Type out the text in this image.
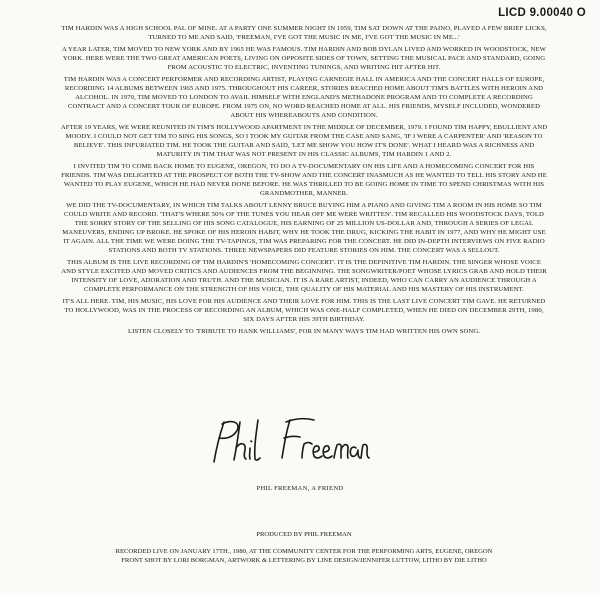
LICD 9.00040 O

TIM HARDIN WAS A HIGH SCHOOL PAL OF MINE. AT A PARTY ONE SUMMER NIGHT IN 1959, TIM SAT DOWN AT THE PAINO, PLAYED A FEW BRIEF LICKS, TURNED TO ME AND SAID, 'FREEMAN, I'VE GOT THE MUSIC IN ME, I'VE GOT THE MUSIC IN ME...'

A YEAR LATER, TIM MOVED TO NEW YORK AND BY 1965 HE WAS FAMOUS. TIM HARDIN AND BOB DYLAN LIVED AND WORKED IN WOODSTOCK, NEW YORK. HERE WERE THE TWO GREAT AMERICAN POETS, LIVING ON OPPOSITE SIDES OF TOWN, SETTING THE MUSICAL PACE AND STANDARD, GOING FROM ACOUSTIC TO ELECTRIC, INVENTING TUNINGS, AND WRITING HIT AFTER HIT.

TIM HARDIN WAS A CONCERT PERFORMER AND RECORDING ARTIST, PLAYING CARNEGIE HALL IN AMERICA AND THE CONCERT HALLS OF EUROPE, RECORDING 14 ALBUMS BETWEEN 1965 AND 1975. THROUGHOUT HIS CAREER, STORIES REACHED HOME ABOUT TIM'S BATTLES WITH HEROIN AND ALCOHOL. IN 1970, TIM MOVED TO LONDON TO AVAIL HIMSELF WITH ENGLAND'S METHADONE PROGRAM AND TO COMPLETE A RECORDING CONTRACT AND A CONCERT TOUR OF EUROPE. FROM 1975 ON, NO WORD REACHED HOME AT ALL. HIS FRIENDS, MYSELF INCLUDED, WONDERED ABOUT HIS WHEREABOUTS AND CONDITION.

AFTER 19 YEARS, WE WERE REUNITED IN TIM'S HOLLYWOOD APARTMENT IN THE MIDDLE OF DECEMBER, 1979. I FOUND TIM HAPPY, EBULLIENT AND MOODY. I COULD NOT GET TIM TO SING HIS SONGS, SO I TOOK MY GUITAR FROM THE CASE AND SANG, 'IF I WERE A CARPENTER' AND 'REASON TO BELIEVE'. THIS INFURIATED TIM. HE TOOK THE GUITAR AND SAID, 'LET ME SHOW YOU HOW IT'S DONE'. WHAT I HEARD WAS A RICHNESS AND MATURITY IN TIM THAT WAS NOT PRESENT IN HIS CLASSIC ALBUMS, TIM HARDIN 1 AND 2.

I INVITED TIM TO COME BACK HOME TO EUGENE, OREGON, TO DO A TV-DOCUMENTARY ON HIS LIFE AND A HOMECOMING CONCERT FOR HIS FRIENDS. TIM WAS DELIGHTED AT THE PROSPECT OF BOTH THE TV-SHOW AND THE CONCERT INASMUCH AS HE WANTED TO TELL HIS STORY AND HE WANTED TO PLAY EUGENE, WHICH HE HAD NEVER DONE BEFORE. HE WAS THRILLED TO BE GOING HOME IN TIME TO SPEND CHRISTMAS WITH HIS GRANDMOTHER, MANNER.

WE DID THE TV-DOCUMENTARY, IN WHICH TIM TALKS ABOUT LENNY BRUCE BUYING HIM A PIANO AND GIVING TIM A ROOM IN HIS HOME SO TIM COULD WRITE AND RECORD. 'THAT'S WHERE 50% OF THE TUNES YOU HEAR OFF ME WERE WRITTEN'. TIM RECALLED HIS WOODSTOCK DAYS, TOLD THE SORRY STORY OF THE SELLING OF HIS SONG CATALOGUE, HIS EARNING OF 25 MILLION US-DOLLAR AND, THROUGH A SERIES OF LEGAL MANEUVERS, ENDING UP BROKE. HE SPOKE OF HIS HEROIN HABIT, WHY HE TOOK THE DRUG, KICKING THE HABIT IN 1977, AND WHY HE MIGHT USE IT AGAIN. ALL THE TIME WE WERE DOING THE TV-TAPINGS, TIM WAS PREPARING FOR THE CONCERT. HE DID IN-DEPTH INTERVIEWS ON FIVE RADIO STATIONS AND BOTH TV STATIONS. THREE NEWSPAPERS DID FEATURE STORIES ON HIM. THE CONCERT WAS A SELLOUT.

THIS ALBUM IS THE LIVE RECORDING OF TIM HARDIN'S 'HOMECOMING CONCERT'. IT IS THE DEFINITIVE TIM HARDIN. THE SINGER WHOSE VOICE AND STYLE EXCITED AND MOVED CRITICS AND AUDIENCES FROM THE BEGINNING. THE SONGWRITER/POET WHOSE LYRICS GRAB AND HOLD THEIR INTENSITY OF LOVE, ADORATION AND TRUTH. AND THE MUSICIAN. IT IS A RARE ARTIST, INDEED, WHO CAN CARRY AN AUDIENCE THROUGH A COMPLETE PERFORMANCE ON THE STRENGTH OF HIS VOICE, THE QUALITY OF HIS MATERIAL AND HIS MASTERY OF HIS INSTRUMENT.

IT'S ALL HERE. TIM, HIS MUSIC, HIS LOVE FOR HIS AUDIENCE AND THEIR LOVE FOR HIM. THIS IS THE LAST LIVE CONCERT TIM GAVE. HE RETURNED TO HOLLYWOOD, WAS IN THE PROCESS OF RECORDING AN ALBUM, WHICH WAS ONE-HALF COMPLETED, WHEN HE DIED ON DECEMBER 29TH, 1980, SIX DAYS AFTER HIS 39TH BIRTHDAY.

LISTEN CLOSELY TO 'TRIBUTE TO HANK WILLIAMS', FOR IN MANY WAYS TIM HAD WRITTEN HIS OWN SONG.

PHIL FREEMAN, A FRIEND

PRODUCED BY PHIL FREEMAN

RECORDED LIVE ON JANUARY 17TH., 1980, AT THE COMMUNITY CENTER FOR THE PERFORMING ARTS, EUGENE, OREGON

FRONT SHOT BY LORI BORGMAN, ARTWORK & LETTERING BY LINE DESIGN/JENNIFER LUTTOW, LITHO BY DIE LITHO
